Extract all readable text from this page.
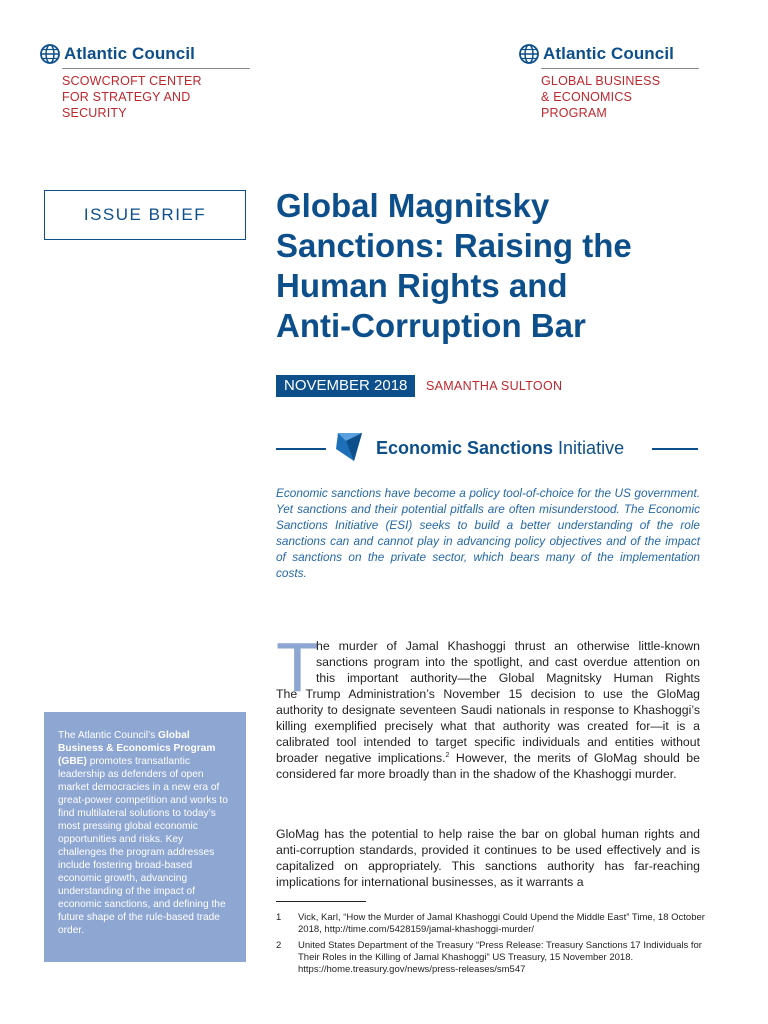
Atlantic Council
SCOWCROFT CENTER
FOR STRATEGY AND SECURITY
Atlantic Council
GLOBAL BUSINESS
& ECONOMICS PROGRAM
ISSUE BRIEF	Global Magnitsky
Sanctions: Raising the
Human Rights and
Anti-Corruption Bar
NOVEMBER 2018	SAMANTHA SULTOON
Economic Sanctions Initiative

Economic sanctions have become a policy tool-of-choice for the US government. Yet sanctions and their potential pitfalls are often misunderstood. The Economic Sanctions Initiative (ESI) seeks to build a better understanding of the role sanctions can and cannot play in advancing policy objectives and of the impact of sanctions on the private sector, which bears many of the implementation costs.

T

he murder of Jamal Khashoggi thrust an otherwise little-known sanctions program into the spotlight, and cast overdue attention on this important authority—the Global Magnitsky Human Rights

The Trump Administration’s November 15 decision to use the GloMag authority to designate seventeen Saudi nationals in response to Khashoggi’s killing exemplified precisely what that authority was created for—it is a calibrated tool intended to target specific individuals and entities without broader negative implications.$^2$ However, the merits of GloMag should be considered far more broadly than in the shadow of the Khashoggi murder.

GloMag has the potential to help raise the bar on global human rights and anti-corruption standards, provided it continues to be used effectively and is capitalized on appropriately. This sanctions authority has far-reaching implications for international businesses, as it warrants a

The Atlantic Council’s Global Business & Economics Program (GBE) promotes transatlantic leadership as defenders of open market democracies in a new era of great-power competition and works to find multilateral solutions to today’s most pressing global economic opportunities and risks. Key challenges the program addresses include fostering broad-based economic growth, advancing understanding of the impact of economic sanctions, and defining the future shape of the rule-based trade order.

1 Vick, Karl, “How the Murder of Jamal Khashoggi Could Upend the Middle East” Time, 18 October 2018, http://time.com/5428159/jamal-khashoggi-murder/
2 United States Department of the Treasury “Press Release: Treasury Sanctions 17 Individuals for Their Roles in the Killing of Jamal Khashoggi” US Treasury, 15 November 2018. https://home.treasury.gov/news/press-releases/sm547
